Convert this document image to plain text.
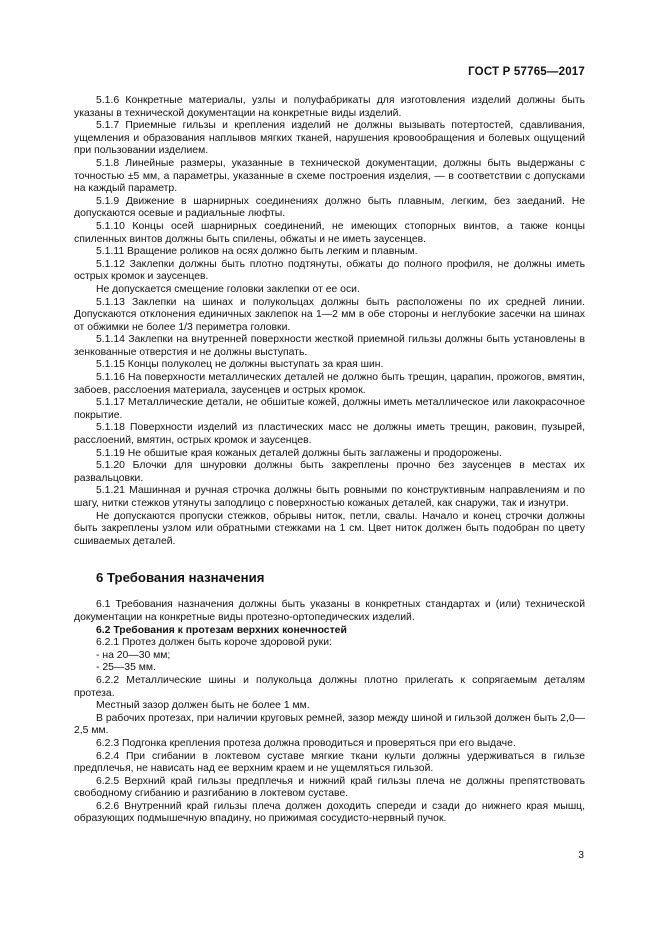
ГОСТ Р 57765—2017

5.1.6 Конкретные материалы, узлы и полуфабрикаты для изготовления изделий должны быть указаны в технической документации на конкретные виды изделий.

5.1.7 Приемные гильзы и крепления изделий не должны вызывать потертостей, сдавливания, ущемления и образования наплывов мягких тканей, нарушения кровообращения и болевых ощущений при пользовании изделием.

5.1.8 Линейные размеры, указанные в технической документации, должны быть выдержаны с точностью ±5 мм, а параметры, указанные в схеме построения изделия, — в соответствии с допусками на каждый параметр.

5.1.9 Движение в шарнирных соединениях должно быть плавным, легким, без заеданий. Не допускаются осевые и радиальные люфты.

5.1.10 Концы осей шарнирных соединений, не имеющих стопорных винтов, а также концы спиленных винтов должны быть спилены, обжаты и не иметь заусенцев.

5.1.11 Вращение роликов на осях должно быть легким и плавным.

5.1.12 Заклепки должны быть плотно подтянуты, обжаты до полного профиля, не должны иметь острых кромок и заусенцев.

Не допускается смещение головки заклепки от ее оси.

5.1.13 Заклепки на шинах и полукольцах должны быть расположены по их средней линии. Допускаются отклонения единичных заклепок на 1—2 мм в обе стороны и неглубокие засечки на шинах от обжимки не более 1/3 периметра головки.

5.1.14 Заклепки на внутренней поверхности жесткой приемной гильзы должны быть установлены в зенкованные отверстия и не должны выступать.

5.1.15 Концы полуколец не должны выступать за края шин.

5.1.16 На поверхности металлических деталей не должно быть трещин, царапин, прожогов, вмятин, забоев, расслоения материала, заусенцев и острых кромок.

5.1.17 Металлические детали, не обшитые кожей, должны иметь металлическое или лакокрасочное покрытие.

5.1.18 Поверхности изделий из пластических масс не должны иметь трещин, раковин, пузырей, расслоений, вмятин, острых кромок и заусенцев.

5.1.19 Не обшитые края кожаных деталей должны быть заглажены и продорожены.

5.1.20 Блочки для шнуровки должны быть закреплены прочно без заусенцев в местах их развальцовки.

5.1.21 Машинная и ручная строчка должны быть ровными по конструктивным направлениям и по шагу, нитки стежков утянуты заподлицо с поверхностью кожаных деталей, как снаружи, так и изнутри.

Не допускаются пропуски стежков, обрывы ниток, петли, свалы. Начало и конец строчки должны быть закреплены узлом или обратными стежками на 1 см. Цвет ниток должен быть подобран по цвету сшиваемых деталей.

6 Требования назначения

6.1 Требования назначения должны быть указаны в конкретных стандартах и (или) технической документации на конкретные виды протезно-ортопедических изделий.

6.2 Требования к протезам верхних конечностей

6.2.1 Протез должен быть короче здоровой руки:

- на 20—30 мм;

- 25—35 мм.

6.2.2 Металлические шины и полукольца должны плотно прилегать к сопрягаемым деталям протеза.

Местный зазор должен быть не более 1 мм.

В рабочих протезах, при наличии круговых ремней, зазор между шиной и гильзой должен быть 2,0—2,5 мм.

6.2.3 Подгонка крепления протеза должна проводиться и проверяться при его выдаче.

6.2.4 При сгибании в локтевом суставе мягкие ткани культи должны удерживаться в гильзе предплечья, не нависать над ее верхним краем и не ущемляться гильзой.

6.2.5 Верхний край гильзы предплечья и нижний край гильзы плеча не должны препятствовать свободному сгибанию и разгибанию в локтевом суставе.

6.2.6 Внутренний край гильзы плеча должен доходить спереди и сзади до нижнего края мышц, образующих подмышечную впадину, но прижимая сосудисто-нервный пучок.

3
